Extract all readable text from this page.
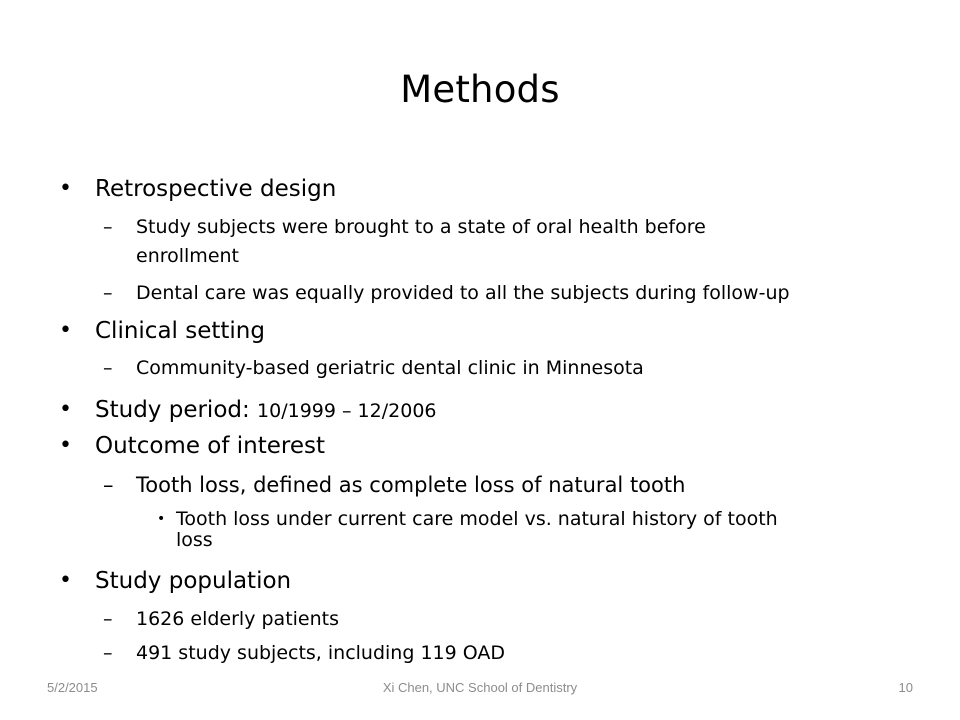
Methods
• Retrospective design
– Study subjects were brought to a state of oral health before
enrollment
– Dental care was equally provided to all the subjects during follow-up
• Clinical setting
– Community-based geriatric dental clinic in Minnesota
• Study period: 10/1999 – 12/2006
• Outcome of interest
– Tooth loss, defined as complete loss of natural tooth
• Tooth loss under current care model vs. natural history of tooth
loss
• Study population
– 1626 elderly patients
– 491 study subjects, including 119 OAD
5/2/2015	Xi Chen, UNC School of Dentistry	10
